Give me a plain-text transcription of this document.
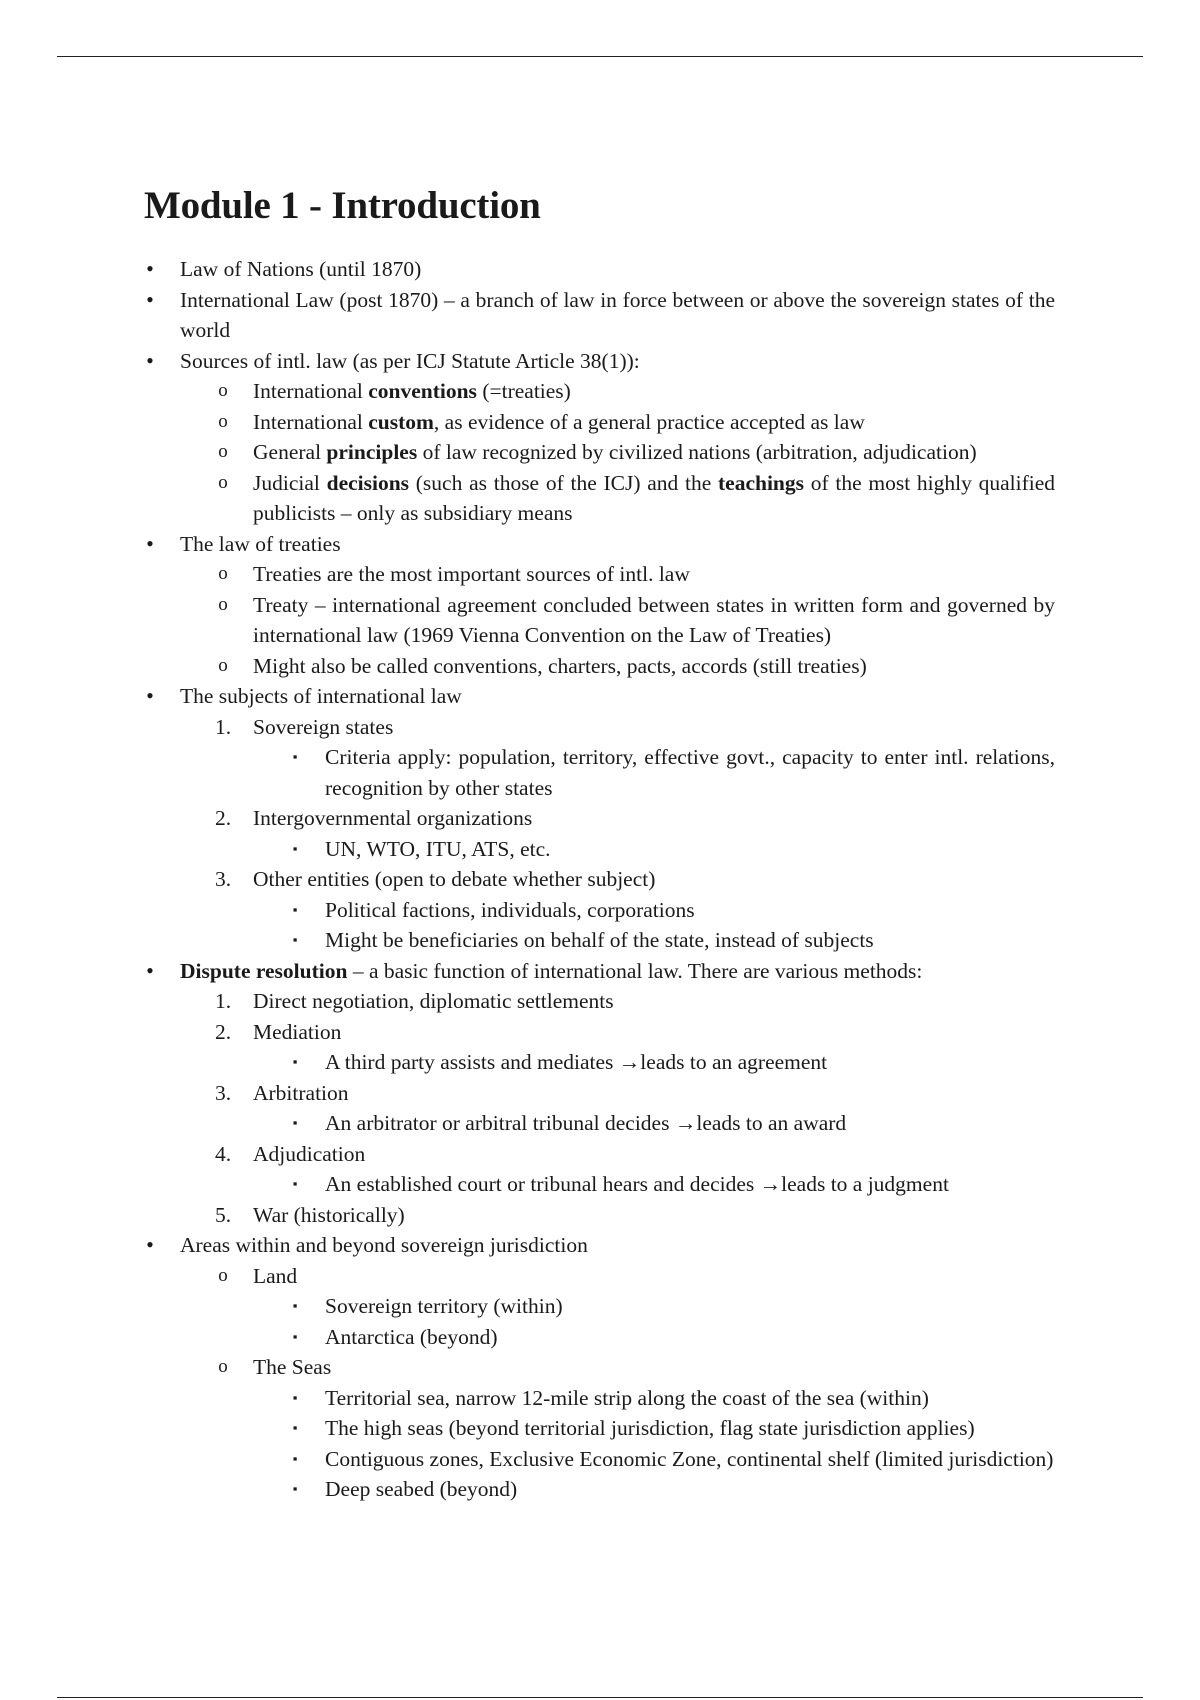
Module 1 - Introduction
•	Law of Nations (until 1870)
•	International Law (post 1870) – a branch of law in force between or above the sovereign states of the world
•	Sources of intl. law (as per ICJ Statute Article 38(1)):
o	International conventions (=treaties)
o	International custom, as evidence of a general practice accepted as law
o	General principles of law recognized by civilized nations (arbitration, adjudication)
o	Judicial decisions (such as those of the ICJ) and the teachings of the most highly qualified publicists – only as subsidiary means
•	The law of treaties
o	Treaties are the most important sources of intl. law
o	Treaty – international agreement concluded between states in written form and governed by international law (1969 Vienna Convention on the Law of Treaties)
o	Might also be called conventions, charters, pacts, accords (still treaties)
•	The subjects of international law
1. Sovereign states
▪	Criteria apply: population, territory, effective govt., capacity to enter intl. relations, recognition by other states
2. Intergovernmental organizations
▪	UN, WTO, ITU, ATS, etc.
3. Other entities (open to debate whether subject)
▪	Political factions, individuals, corporations
▪	Might be beneficiaries on behalf of the state, instead of subjects
•	Dispute resolution – a basic function of international law. There are various methods:
1. Direct negotiation, diplomatic settlements
2. Mediation
▪	A third party assists and mediates →leads to an agreement
3. Arbitration
▪	An arbitrator or arbitral tribunal decides →leads to an award
4. Adjudication
▪	An established court or tribunal hears and decides →leads to a judgment
5. War (historically)
•	Areas within and beyond sovereign jurisdiction
o	Land
▪	Sovereign territory (within)
▪	Antarctica (beyond)
o	The Seas
▪	Territorial sea, narrow 12-mile strip along the coast of the sea (within)
▪	The high seas (beyond territorial jurisdiction, flag state jurisdiction applies)
▪	Contiguous zones, Exclusive Economic Zone, continental shelf (limited jurisdiction)
▪	Deep seabed (beyond)
